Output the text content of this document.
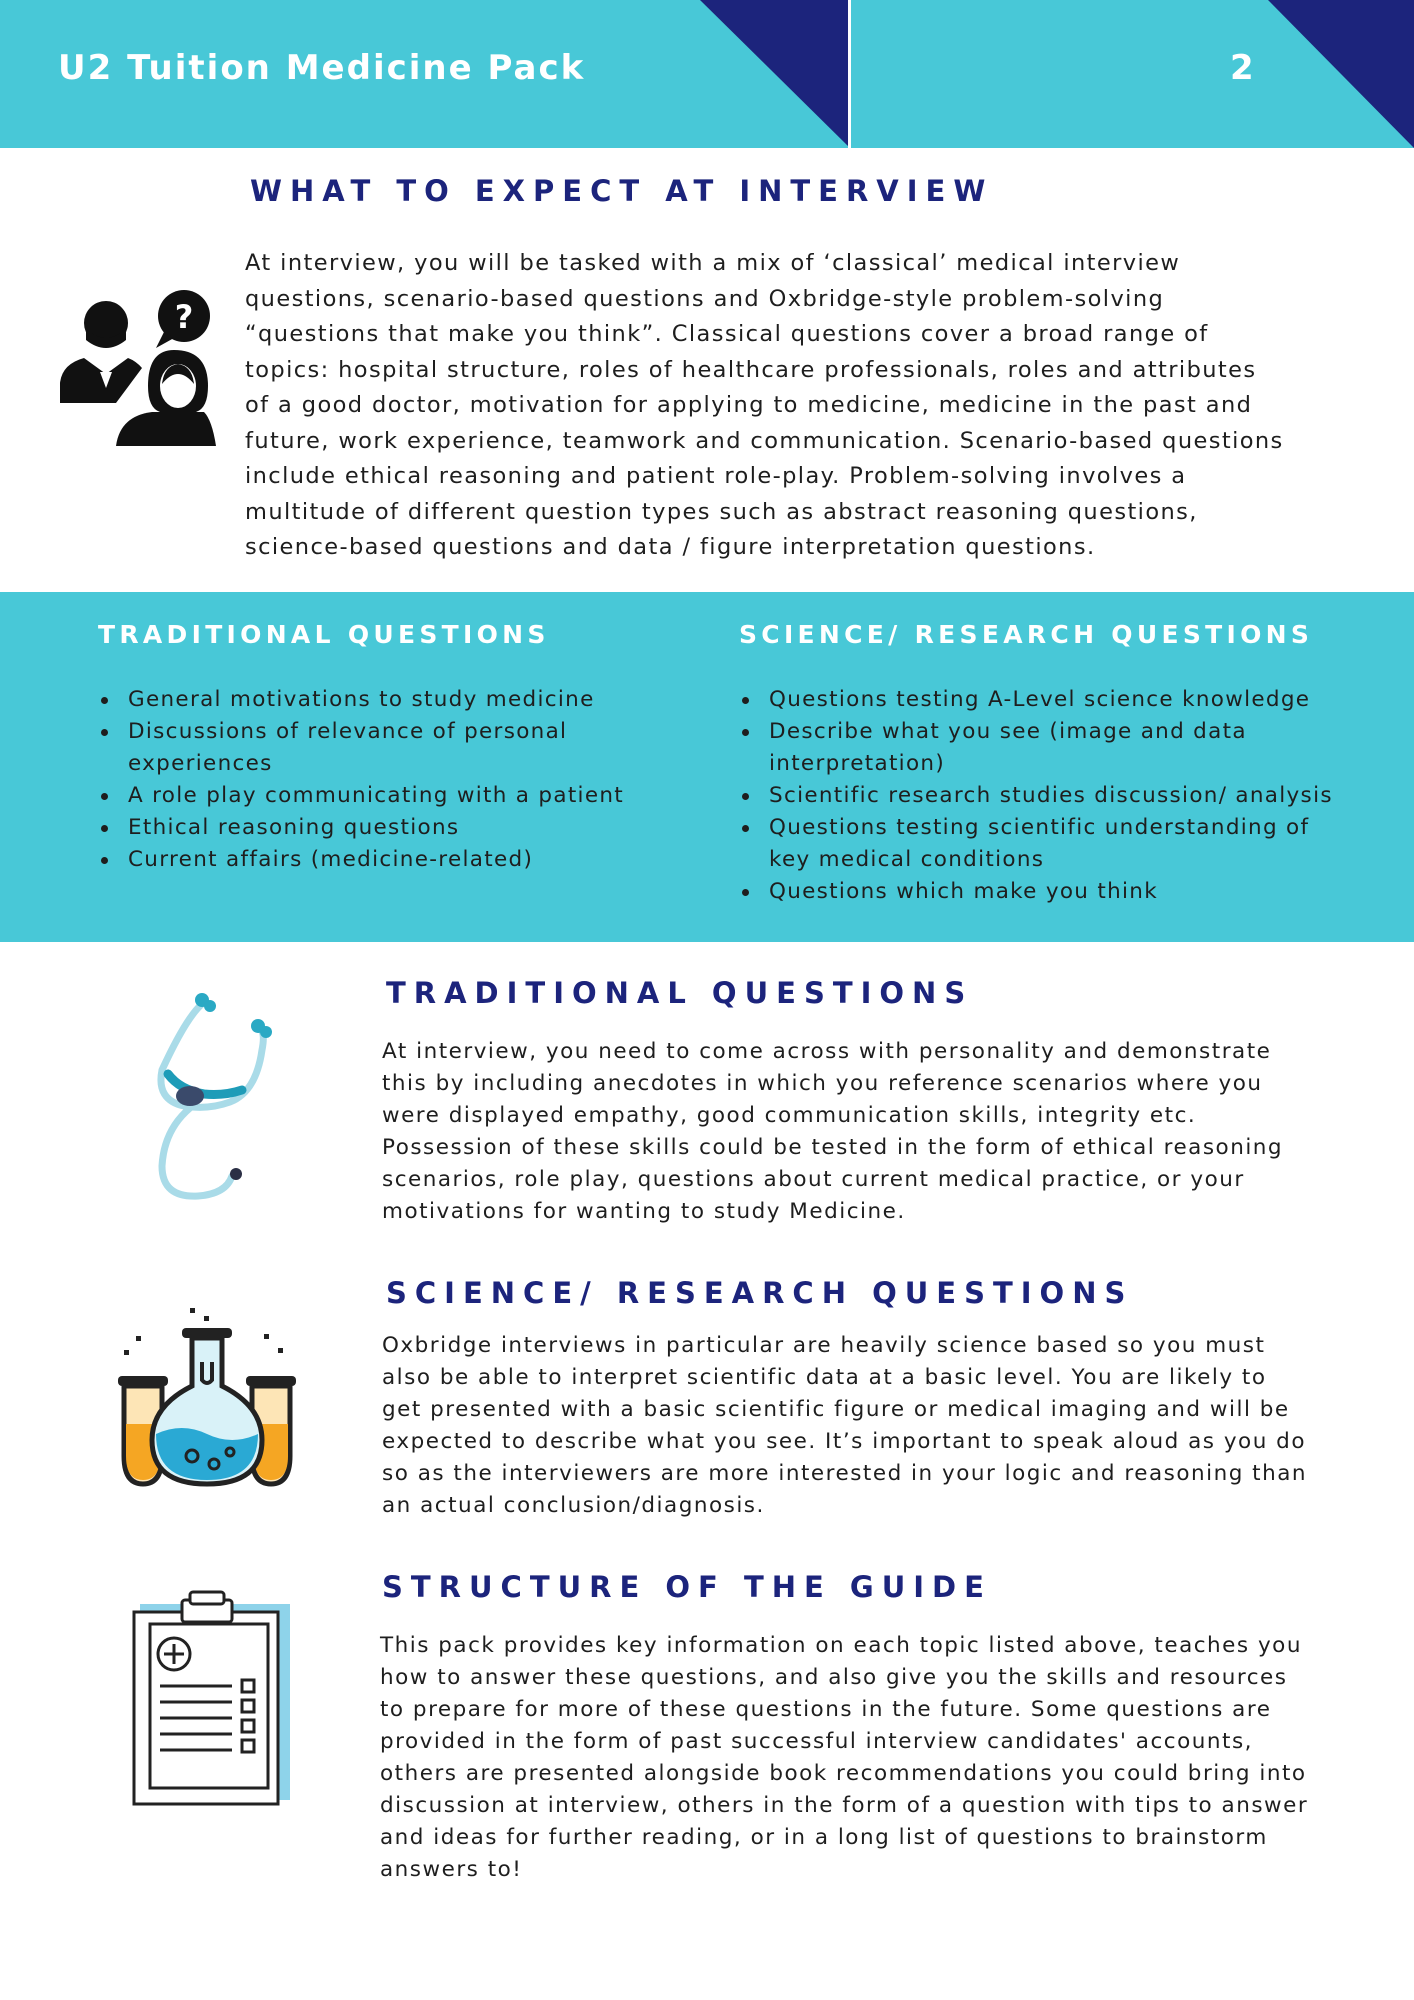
U2 Tuition Medicine Pack	2
WHAT TO EXPECT AT INTERVIEW
?
At interview, you will be tasked with a mix of ‘classical’ medical interview
questions, scenario-based questions and Oxbridge-style problem-solving
“questions that make you think”. Classical questions cover a broad range of
topics: hospital structure, roles of healthcare professionals, roles and attributes
of a good doctor, motivation for applying to medicine, medicine in the past and
future, work experience, teamwork and communication. Scenario-based questions
include ethical reasoning and patient role-play. Problem-solving involves a
multitude of different question types such as abstract reasoning questions,
science-based questions and data / figure interpretation questions.
TRADITIONAL QUESTIONS
General motivations to study medicine
Discussions of relevance of personal
experiences
A role play communicating with a patient
Ethical reasoning questions
Current affairs (medicine-related)
SCIENCE/ RESEARCH QUESTIONS
Questions testing A-Level science knowledge
Describe what you see (image and data
interpretation)
Scientific research studies discussion/ analysis
Questions testing scientific understanding of
key medical conditions
Questions which make you think
TRADITIONAL QUESTIONS
At interview, you need to come across with personality and demonstrate
this by including anecdotes in which you reference scenarios where you
were displayed empathy, good communication skills, integrity etc.
Possession of these skills could be tested in the form of ethical reasoning
scenarios, role play, questions about current medical practice, or your
motivations for wanting to study Medicine.
SCIENCE/ RESEARCH QUESTIONS
Oxbridge interviews in particular are heavily science based so you must
also be able to interpret scientific data at a basic level. You are likely to
get presented with a basic scientific figure or medical imaging and will be
expected to describe what you see. It’s important to speak aloud as you do
so as the interviewers are more interested in your logic and reasoning than
an actual conclusion/diagnosis.
STRUCTURE OF THE GUIDE
This pack provides key information on each topic listed above, teaches you
how to answer these questions, and also give you the skills and resources
to prepare for more of these questions in the future. Some questions are
provided in the form of past successful interview candidates' accounts,
others are presented alongside book recommendations you could bring into
discussion at interview, others in the form of a question with tips to answer
and ideas for further reading, or in a long list of questions to brainstorm
answers to!
